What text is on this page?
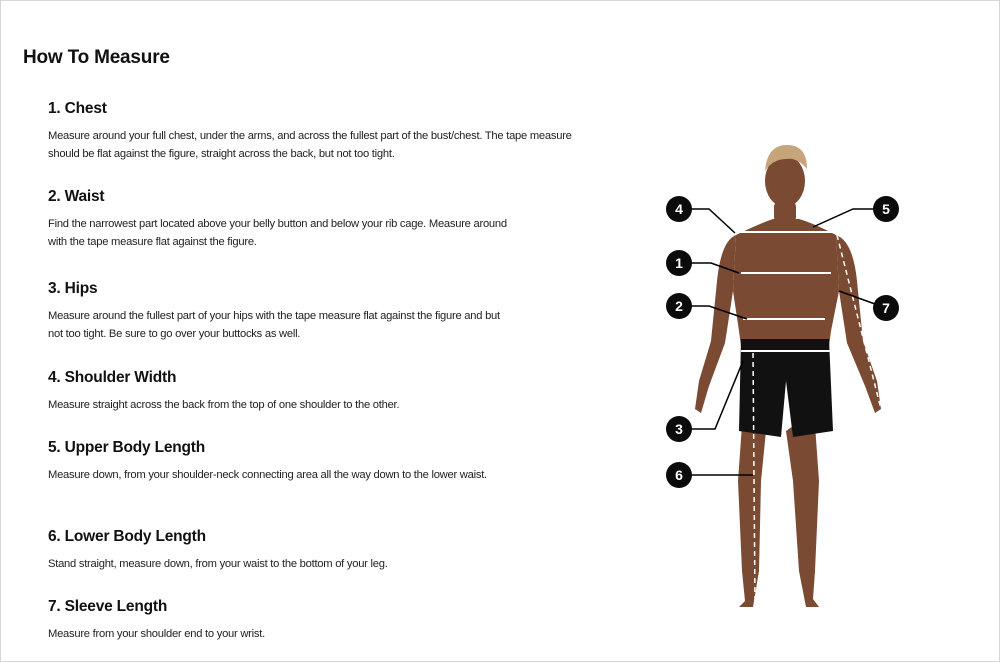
How To Measure
1. Chest

Measure around your full chest, under the arms, and across the fullest part of the bust/chest. The tape measure should be flat against the figure, straight across the back, but not too tight.

2. Waist

Find the narrowest part located above your belly button and below your rib cage. Measure around with the tape measure flat against the figure.

3. Hips

Measure around the fullest part of your hips with the tape measure flat against the figure and but not too tight. Be sure to go over your buttocks as well.

4. Shoulder Width

Measure straight across the back from the top of one shoulder to the other.

5. Upper Body Length

Measure down, from your shoulder-neck connecting area all the way down to the lower waist.

6. Lower Body Length

Stand straight, measure down, from your waist to the bottom of your leg.

7. Sleeve Length

Measure from your shoulder end to your wrist.

4	5
1
2	7
3
6
